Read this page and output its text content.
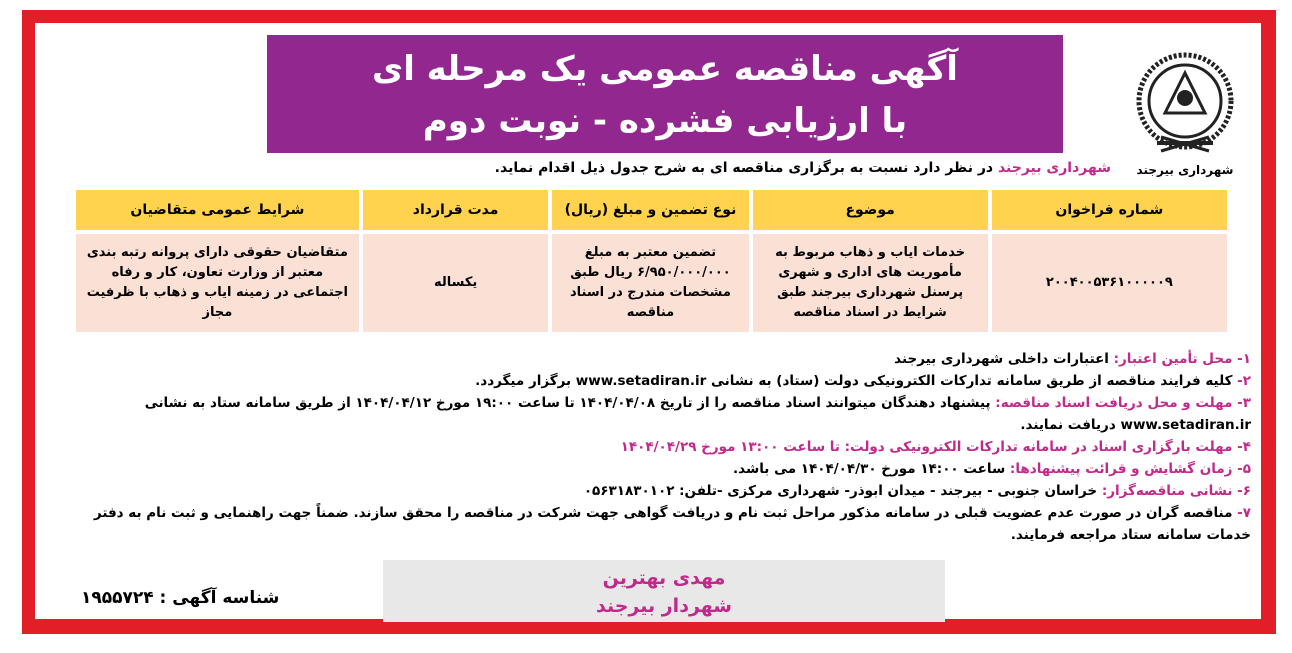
آگهی مناقصه عمومی یک مرحله ای
با ارزیابی فشرده - نوبت دوم
شهرداری بیرجند
شهرداری بیرجند در نظر دارد نسبت به برگزاری مناقصه ای به شرح جدول ذیل اقدام نماید.
شماره فراخوان	موضوع	نوع تضمین و مبلغ (ریال)	مدت قرارداد	شرایط عمومی متقاضیان
۲۰۰۴۰۰۵۳۶۱۰۰۰۰۰۹	خدمات ایاب و ذهاب مربوط به مأموریت های اداری و شهری پرسنل شهرداری بیرجند طبق شرایط در اسناد مناقصه	تضمین معتبر به مبلغ ۶/۹۵۰/۰۰۰/۰۰۰ ریال طبق مشخصات مندرج در اسناد مناقصه	یکساله	متقاضیان حقوقی دارای پروانه رتبه بندی معتبر از وزارت تعاون، کار و رفاه اجتماعی در زمینه ایاب و ذهاب با ظرفیت مجاز
۱- محل تأمین اعتبار: اعتبارات داخلی شهرداری بیرجند
۲- کلیه فرایند مناقصه از طریق سامانه تدارکات الکترونیکی دولت (ستاد) به نشانی www.setadiran.ir برگزار میگردد.
۳- مهلت و محل دریافت اسناد مناقصه: پیشنهاد دهندگان میتوانند اسناد مناقصه را از تاریخ ۱۴۰۴/۰۴/۰۸ تا ساعت ۱۹:۰۰ مورخ ۱۴۰۴/۰۴/۱۲ از طریق سامانه ستاد به نشانی www.setadiran.ir دریافت نمایند.
۴- مهلت بارگزاری اسناد در سامانه تدارکات الکترونیکی دولت: تا ساعت ۱۳:۰۰ مورخ ۱۴۰۴/۰۴/۲۹
۵- زمان گشایش و قرائت پیشنهادها: ساعت ۱۴:۰۰ مورخ ۱۴۰۴/۰۴/۳۰ می باشد.
۶- نشانی مناقصه‌گزار: خراسان جنوبی - بیرجند - میدان ابوذر- شهرداری مرکزی -تلفن: ۰۵۶۳۱۸۳۰۱۰۲
۷- مناقصه گران در صورت عدم عضویت قبلی در سامانه مذکور مراحل ثبت نام و دریافت گواهی جهت شرکت در مناقصه را محقق سازند. ضمناً جهت راهنمایی و ثبت نام به دفتر خدمات سامانه ستاد مراجعه فرمایند.
مهدی بهترین
شهردار بیرجند
شناسه آگهی : ۱۹۵۵۷۲۴
